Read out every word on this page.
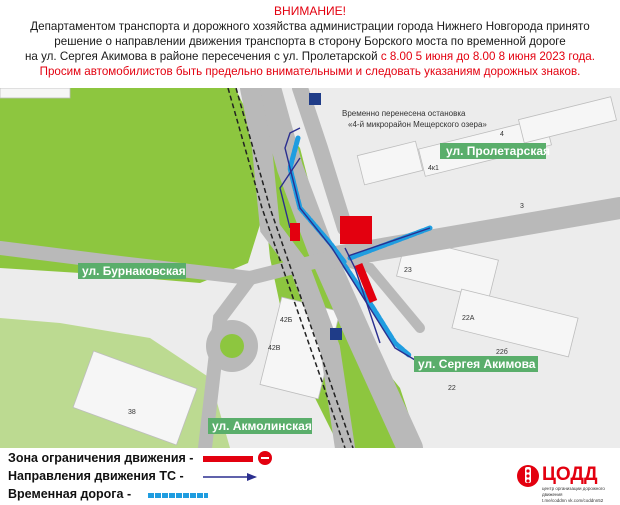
ВНИМАНИЕ!
Департаментом транспорта и дорожного хозяйства администрации города Нижнего Новгорода принято
решение о направлении движения транспорта в сторону Борского моста по временной дороге
на ул. Сергея Акимова в районе пересечения с ул. Пролетарской с 8.00 5 июня до 8.00 8 июня 2023 года.
Просим автомобилистов быть предельно внимательными и следовать указаниям дорожных знаков.
Временно перенесена остановка
«4-й микрорайон Мещерского озера»
ул. Пролетарская
ул. Бурнаковская
ул. Сергея Акимова
ул. Акмолинская
4
4к1
3
23
22А
22б
22
42Б
42В
38
Зона ограничения движения -
Направления движения ТС -
Временная дорога -
ЦОДД
центр организации дорожного движения
t.me/coddnn vk.com/coddnn52
